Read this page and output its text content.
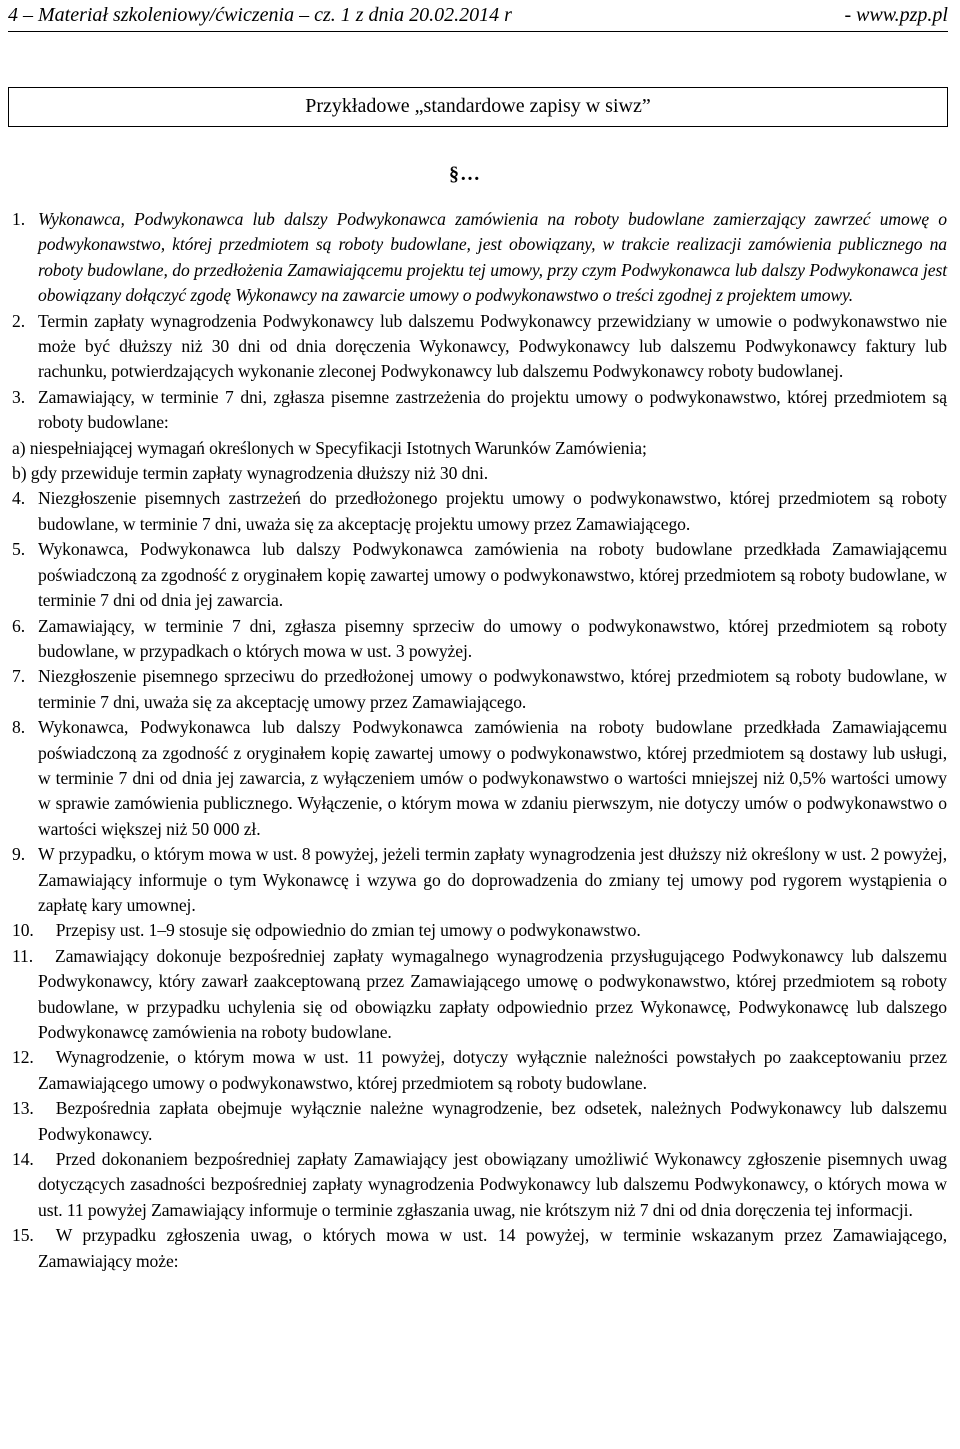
4 – Materiał szkoleniowy/ćwiczenia – cz. 1 z dnia 20.02.2014 r	- www.pzp.pl
Przykładowe „standardowe zapisy w siwz”
§…

1. Wykonawca, Podwykonawca lub dalszy Podwykonawca zamówienia na roboty budowlane zamierzający zawrzeć umowę o podwykonawstwo, której przedmiotem są roboty budowlane, jest obowiązany, w trakcie realizacji zamówienia publicznego na roboty budowlane, do przedłożenia Zamawiającemu projektu tej umowy, przy czym Podwykonawca lub dalszy Podwykonawca jest obowiązany dołączyć zgodę Wykonawcy na zawarcie umowy o podwykonawstwo o treści zgodnej z projektem umowy.

2. Termin zapłaty wynagrodzenia Podwykonawcy lub dalszemu Podwykonawcy przewidziany w umowie o podwykonawstwo nie może być dłuższy niż 30 dni od dnia doręczenia Wykonawcy, Podwykonawcy lub dalszemu Podwykonawcy faktury lub rachunku, potwierdzających wykonanie zleconej Podwykonawcy lub dalszemu Podwykonawcy roboty budowlanej.

3. Zamawiający, w terminie 7 dni, zgłasza pisemne zastrzeżenia do projektu umowy o podwykonawstwo, której przedmiotem są roboty budowlane:

a) niespełniającej wymagań określonych w Specyfikacji Istotnych Warunków Zamówienia;

b) gdy przewiduje termin zapłaty wynagrodzenia dłuższy niż 30 dni.

4. Niezgłoszenie pisemnych zastrzeżeń do przedłożonego projektu umowy o podwykonawstwo, której przedmiotem są roboty budowlane, w terminie 7 dni, uważa się za akceptację projektu umowy przez Zamawiającego.

5. Wykonawca, Podwykonawca lub dalszy Podwykonawca zamówienia na roboty budowlane przedkłada Zamawiającemu poświadczoną za zgodność z oryginałem kopię zawartej umowy o podwykonawstwo, której przedmiotem są roboty budowlane, w terminie 7 dni od dnia jej zawarcia.

6. Zamawiający, w terminie 7 dni, zgłasza pisemny sprzeciw do umowy o podwykonawstwo, której przedmiotem są roboty budowlane, w przypadkach o których mowa w ust. 3 powyżej.

7. Niezgłoszenie pisemnego sprzeciwu do przedłożonej umowy o podwykonawstwo, której przedmiotem są roboty budowlane, w terminie 7 dni, uważa się za akceptację umowy przez Zamawiającego.

8. Wykonawca, Podwykonawca lub dalszy Podwykonawca zamówienia na roboty budowlane przedkłada Zamawiającemu poświadczoną za zgodność z oryginałem kopię zawartej umowy o podwykonawstwo, której przedmiotem są dostawy lub usługi, w terminie 7 dni od dnia jej zawarcia, z wyłączeniem umów o podwykonawstwo o wartości mniejszej niż 0,5% wartości umowy w sprawie zamówienia publicznego. Wyłączenie, o którym mowa w zdaniu pierwszym, nie dotyczy umów o podwykonawstwo o wartości większej niż 50 000 zł.

9. W przypadku, o którym mowa w ust. 8 powyżej, jeżeli termin zapłaty wynagrodzenia jest dłuższy niż określony w ust. 2 powyżej, Zamawiający informuje o tym Wykonawcę i wzywa go do doprowadzenia do zmiany tej umowy pod rygorem wystąpienia o zapłatę kary umownej.

10. Przepisy ust. 1–9 stosuje się odpowiednio do zmian tej umowy o podwykonawstwo.

11. Zamawiający dokonuje bezpośredniej zapłaty wymagalnego wynagrodzenia przysługującego Podwykonawcy lub dalszemu Podwykonawcy, który zawarł zaakceptowaną przez Zamawiającego umowę o podwykonawstwo, której przedmiotem są roboty budowlane, w przypadku uchylenia się od obowiązku zapłaty odpowiednio przez Wykonawcę, Podwykonawcę lub dalszego Podwykonawcę zamówienia na roboty budowlane.

12. Wynagrodzenie, o którym mowa w ust. 11 powyżej, dotyczy wyłącznie należności powstałych po zaakceptowaniu przez Zamawiającego umowy o podwykonawstwo, której przedmiotem są roboty budowlane.

13. Bezpośrednia zapłata obejmuje wyłącznie należne wynagrodzenie, bez odsetek, należnych Podwykonawcy lub dalszemu Podwykonawcy.

14. Przed dokonaniem bezpośredniej zapłaty Zamawiający jest obowiązany umożliwić Wykonawcy zgłoszenie pisemnych uwag dotyczących zasadności bezpośredniej zapłaty wynagrodzenia Podwykonawcy lub dalszemu Podwykonawcy, o których mowa w ust. 11 powyżej Zamawiający informuje o terminie zgłaszania uwag, nie krótszym niż 7 dni od dnia doręczenia tej informacji.

15. W przypadku zgłoszenia uwag, o których mowa w ust. 14 powyżej, w terminie wskazanym przez Zamawiającego, Zamawiający może:
